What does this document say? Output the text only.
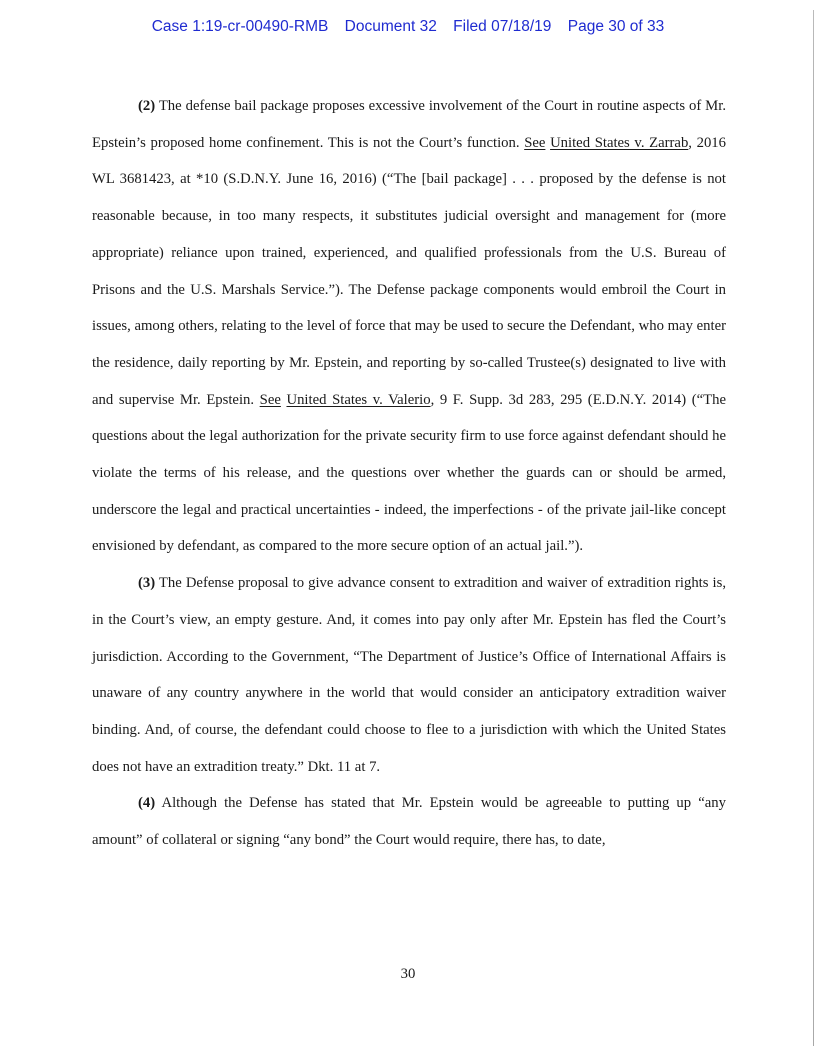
Case 1:19-cr-00490-RMB Document 32 Filed 07/18/19 Page 30 of 33

(2) The defense bail package proposes excessive involvement of the Court in routine aspects of Mr. Epstein’s proposed home confinement. This is not the Court’s function. See United States v. Zarrab, 2016 WL 3681423, at *10 (S.D.N.Y. June 16, 2016) (“The [bail package] . . . proposed by the defense is not reasonable because, in too many respects, it substitutes judicial oversight and management for (more appropriate) reliance upon trained, experienced, and qualified professionals from the U.S. Bureau of Prisons and the U.S. Marshals Service.”). The Defense package components would embroil the Court in issues, among others, relating to the level of force that may be used to secure the Defendant, who may enter the residence, daily reporting by Mr. Epstein, and reporting by so-called Trustee(s) designated to live with and supervise Mr. Epstein. See United States v. Valerio, 9 F. Supp. 3d 283, 295 (E.D.N.Y. 2014) (“The questions about the legal authorization for the private security firm to use force against defendant should he violate the terms of his release, and the questions over whether the guards can or should be armed, underscore the legal and practical uncertainties - indeed, the imperfections - of the private jail-like concept envisioned by defendant, as compared to the more secure option of an actual jail.”).

(3) The Defense proposal to give advance consent to extradition and waiver of extradition rights is, in the Court’s view, an empty gesture. And, it comes into pay only after Mr. Epstein has fled the Court’s jurisdiction. According to the Government, “The Department of Justice’s Office of International Affairs is unaware of any country anywhere in the world that would consider an anticipatory extradition waiver binding. And, of course, the defendant could choose to flee to a jurisdiction with which the United States does not have an extradition treaty.” Dkt. 11 at 7.

(4) Although the Defense has stated that Mr. Epstein would be agreeable to putting up “any amount” of collateral or signing “any bond” the Court would require, there has, to date,

30
